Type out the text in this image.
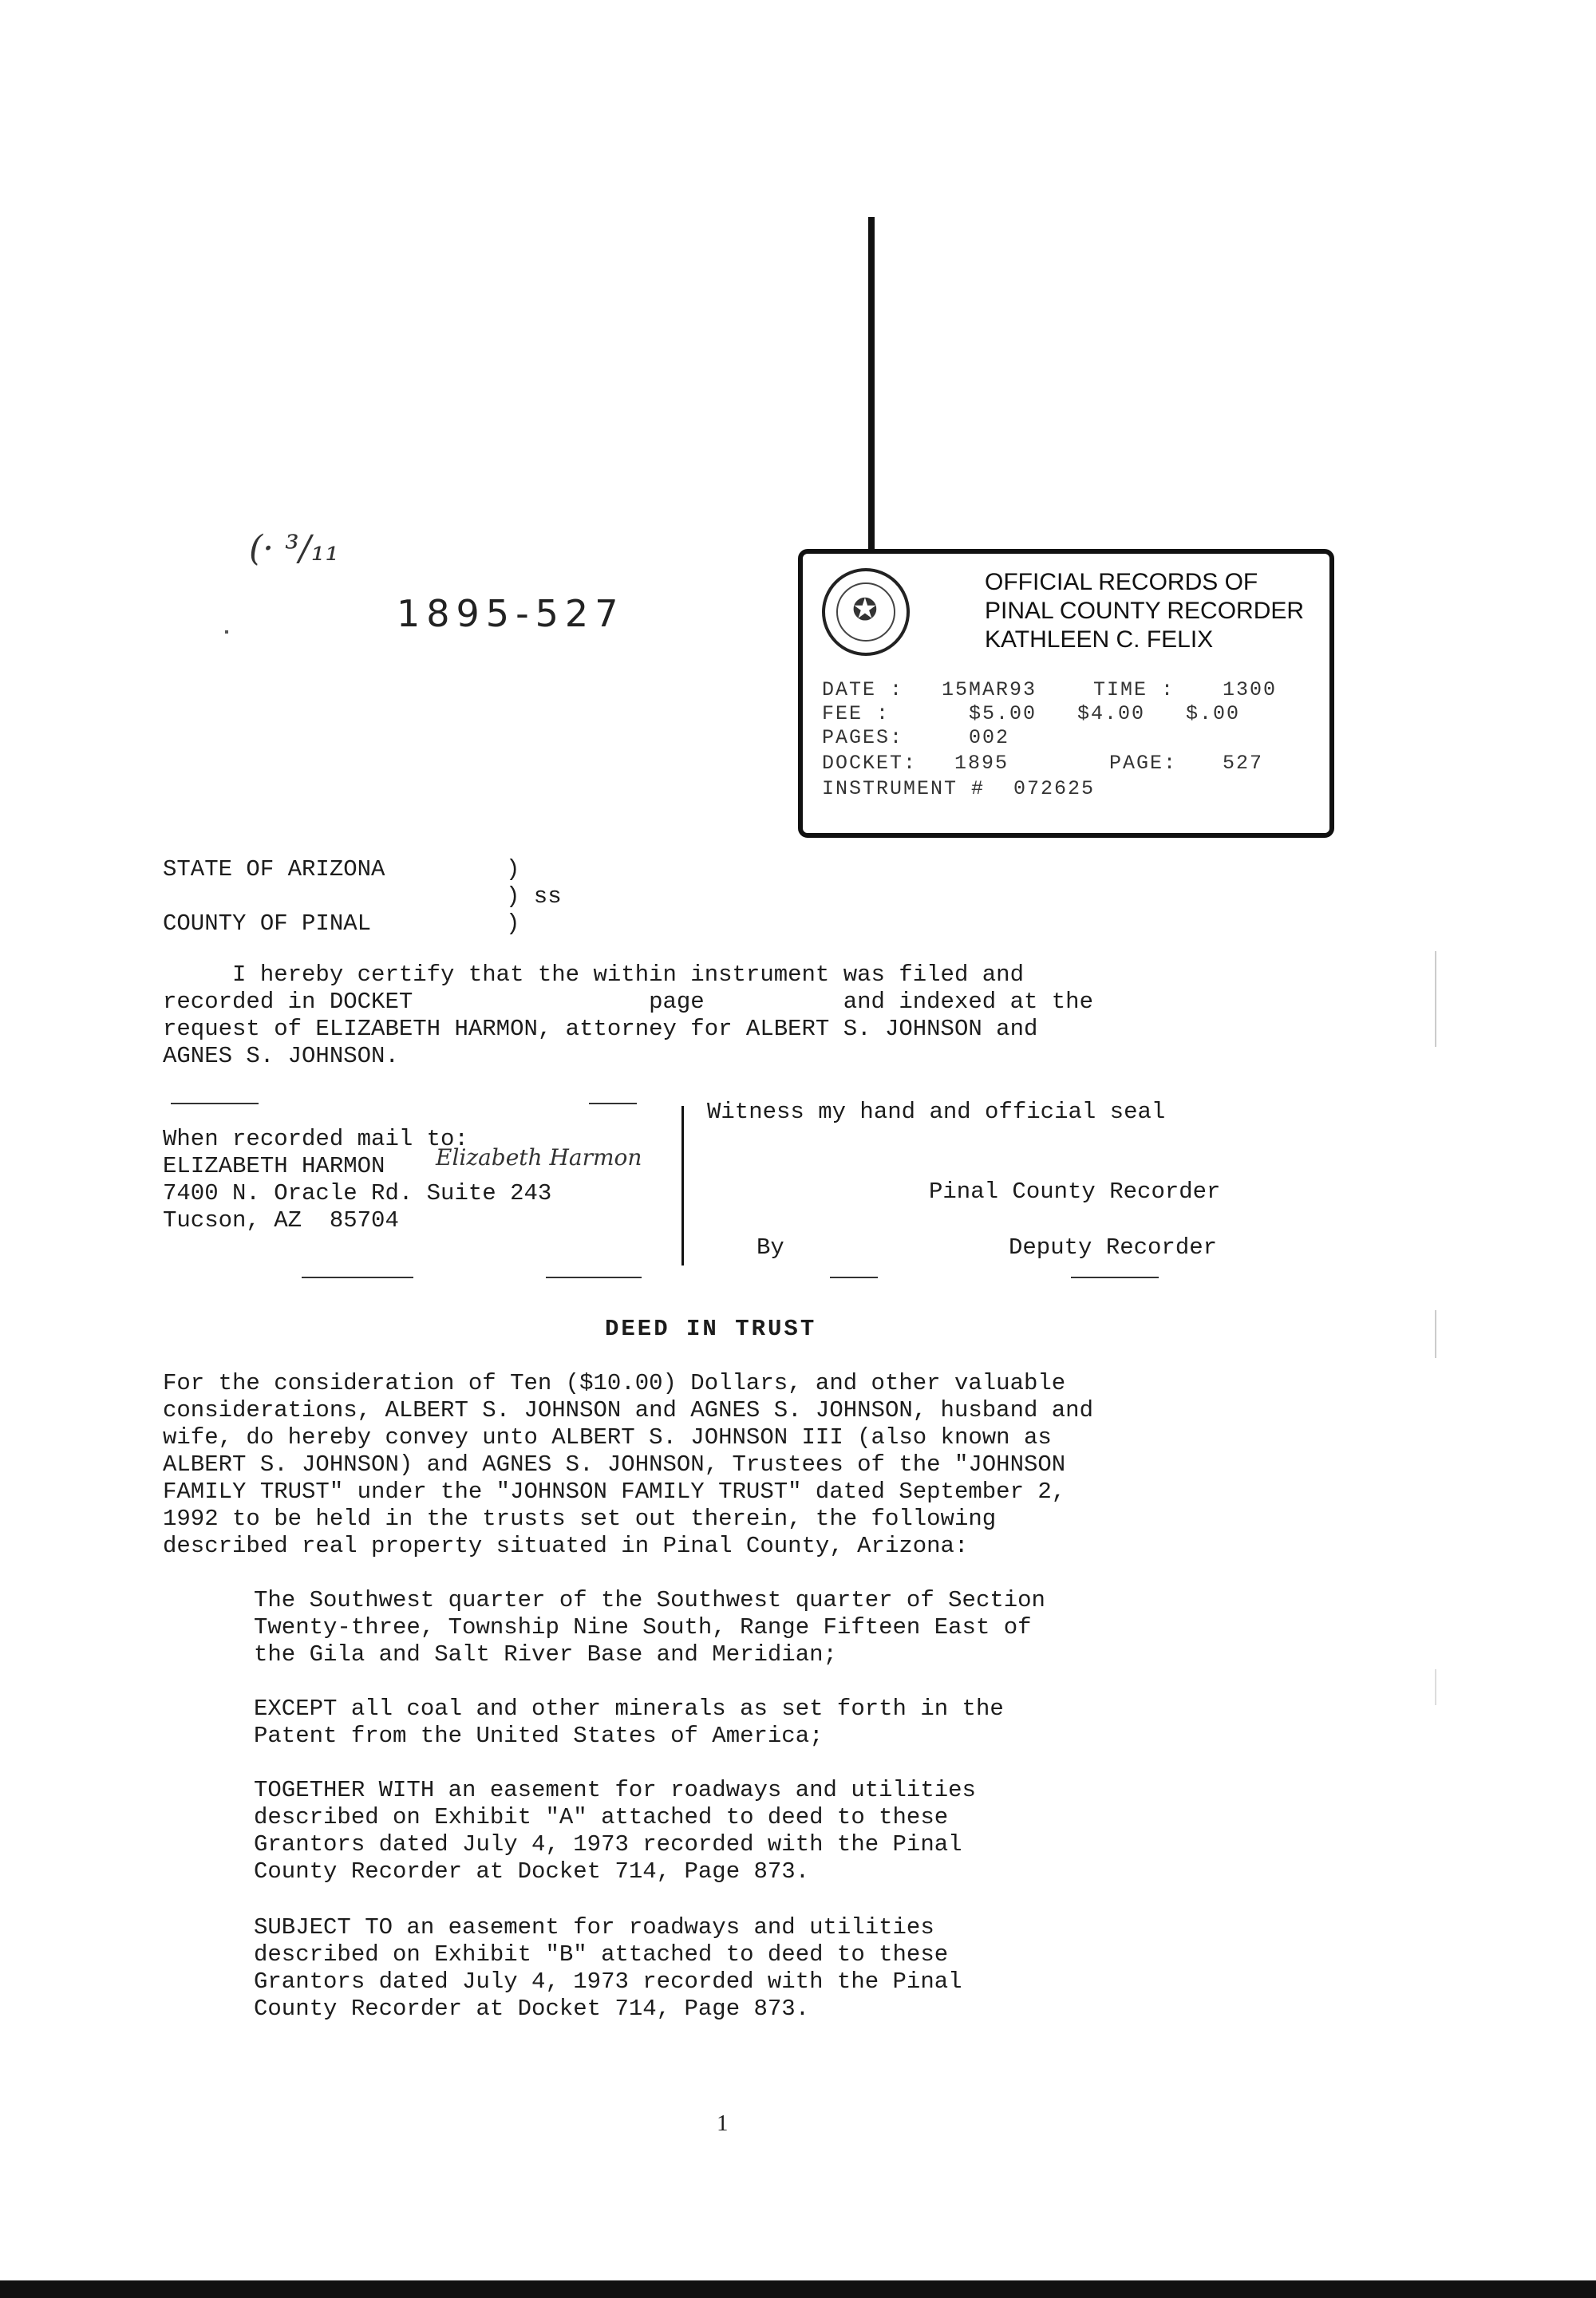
(· ³/₁₁
1895-527	✪
OFFICIAL RECORDS OF
PINAL COUNTY RECORDER
KATHLEEN C. FELIX
DATE : 15MAR93	TIME : 1300
FEE :	$5.00   $4.00   $.00
PAGES:	002
DOCKET: 1895	PAGE: 527
INSTRUMENT # 072625
STATE OF ARIZONA	)
) ss
COUNTY OF PINAL	)
I hereby certify that the within instrument was filed and
recorded in DOCKET                 page          and indexed at the
request of ELIZABETH HARMON, attorney for ALBERT S. JOHNSON and
AGNES S. JOHNSON.
When recorded mail to:
ELIZABETH HARMON Elizabeth Harmon
7400 N. Oracle Rd. Suite 243
Tucson, AZ  85704
Witness my hand and official seal
Pinal County Recorder
By	Deputy Recorder
DEED IN TRUST
For the consideration of Ten ($10.00) Dollars, and other valuable
considerations, ALBERT S. JOHNSON and AGNES S. JOHNSON, husband and
wife, do hereby convey unto ALBERT S. JOHNSON III (also known as
ALBERT S. JOHNSON) and AGNES S. JOHNSON, Trustees of the "JOHNSON
FAMILY TRUST" under the "JOHNSON FAMILY TRUST" dated September 2,
1992 to be held in the trusts set out therein, the following
described real property situated in Pinal County, Arizona:
The Southwest quarter of the Southwest quarter of Section
Twenty-three, Township Nine South, Range Fifteen East of
the Gila and Salt River Base and Meridian;
EXCEPT all coal and other minerals as set forth in the
Patent from the United States of America;
TOGETHER WITH an easement for roadways and utilities
described on Exhibit "A" attached to deed to these
Grantors dated July 4, 1973 recorded with the Pinal
County Recorder at Docket 714, Page 873.
SUBJECT TO an easement for roadways and utilities
described on Exhibit "B" attached to deed to these
Grantors dated July 4, 1973 recorded with the Pinal
County Recorder at Docket 714, Page 873.
1
